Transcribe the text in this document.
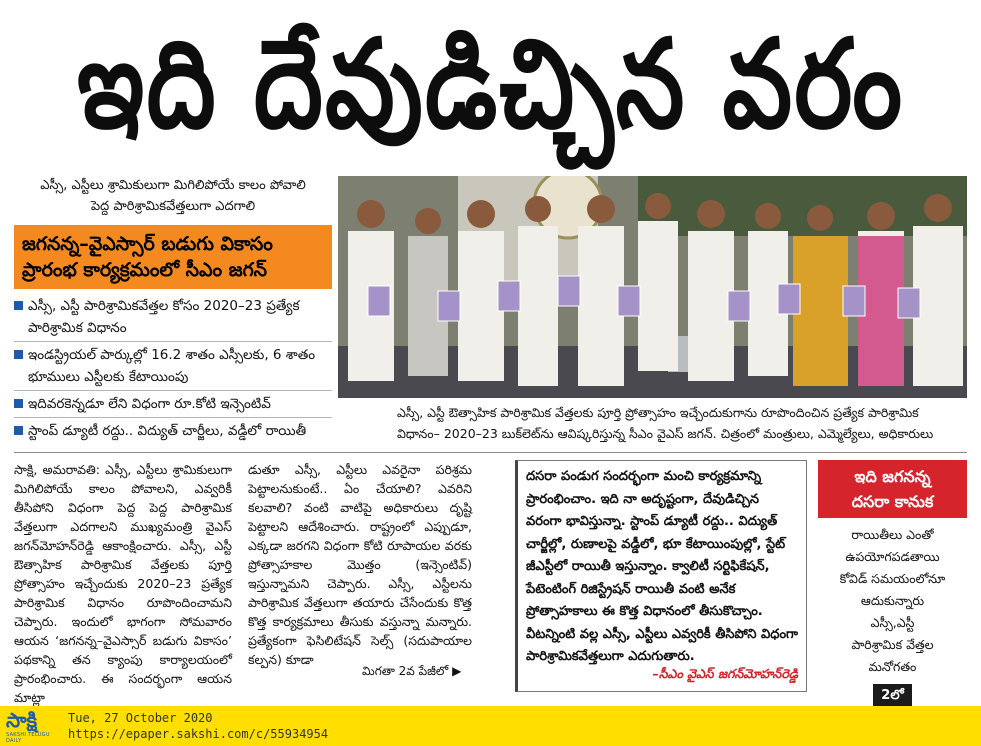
ఇది దేవుడిచ్చిన వరం
ఎస్సీ, ఎస్టీలు శ్రామికులుగా మిగిలిపోయే కాలం పోవాలి
పెద్ద పారిశ్రామికవేత్తలుగా ఎదగాలి
జగనన్న–వైఎస్సార్ బడుగు వికాసం
ప్రారంభ కార్యక్రమంలో సీఎం జగన్
ఎస్సీ, ఎస్టీ పారిశ్రామికవేత్తల కోసం 2020–23 ప్రత్యేక పారిశ్రామిక విధానం
ఇండస్ట్రియల్ పార్కుల్లో 16.2 శాతం ఎస్సీలకు, 6 శాతం భూములు ఎస్టీలకు కేటాయింపు
ఇదివరకెన్నడూ లేని విధంగా రూ.కోటి ఇన్సెంటివ్
స్టాంప్ డ్యూటీ రద్దు.. విద్యుత్ చార్జీలు, వడ్డీలో రాయితీ
ఎస్సీ, ఎస్టీ ఔత్సాహిక పారిశ్రామిక వేత్తలకు పూర్తి ప్రోత్సాహం ఇచ్చేందుకుగాను రూపొందించిన ప్రత్యేక పారిశ్రామిక విధానం– 2020–23 బుక్‌లెట్‌ను ఆవిష్కరిస్తున్న సీఎం వైఎస్ జగన్. చిత్రంలో మంత్రులు, ఎమ్మెల్యేలు, అధికారులు
సాక్షి, అమరావతి: ఎస్సీ, ఎస్టీలు శ్రామికులుగా మిగిలిపోయే కాలం పోవాలని, ఎవ్వరికీ తీసిపోని విధంగా పెద్ద పెద్ద పారిశ్రామిక వేత్తలుగా ఎదగాలని ముఖ్యమంత్రి వైఎస్ జగన్‌మోహన్‌రెడ్డి ఆకాంక్షించారు. ఎస్సీ, ఎస్టీ ఔత్సాహిక పారిశ్రామిక వేత్తలకు పూర్తి ప్రోత్సాహం ఇచ్చేందుకు 2020–23 ప్రత్యేక పారిశ్రామిక విధానం రూపొందించామని చెప్పారు. ఇందులో భాగంగా సోమవారం ఆయన ‘జగనన్న–వైఎస్సార్ బడుగు వికాసం’ పథకాన్ని తన క్యాంపు కార్యాలయంలో ప్రారంభించారు. ఈ సందర్భంగా ఆయన మాట్లా
డుతూ ఎస్సీ, ఎస్టీలు ఎవరైనా పరిశ్రమ పెట్టాలనుకుంటే.. ఏం చేయాలి? ఎవరిని కలవాలి? వంటి వాటిపై అధికారులు దృష్టి పెట్టాలని ఆదేశించారు. రాష్ట్రంలో ఎప్పుడూ, ఎక్కడా జరగని విధంగా కోటి రూపాయల వరకు ప్రోత్సాహకాల మొత్తం (ఇన్సెంటివ్) ఇస్తున్నామని చెప్పారు. ఎస్సీ, ఎస్టీలను పారిశ్రామిక వేత్తలుగా తయారు చేసేందుకు కొత్త కొత్త కార్యక్రమాలు తీసుకు వస్తున్నా మన్నారు. ప్రత్యేకంగా ఫెసిలిటేషన్ సెల్స్ (సదుపాయాల కల్పన) కూడా
మిగతా 2వ పేజీలో ▶

దసరా పండుగ సందర్భంగా మంచి కార్యక్రమాన్ని ప్రారంభించాం. ఇది నా అదృష్టంగా, దేవుడిచ్చిన వరంగా భావిస్తున్నా. స్టాంప్ డ్యూటీ రద్దు.. విద్యుత్ చార్జీల్లో, రుణాలపై వడ్డీలో, భూ కేటాయింపుల్లో, స్టేట్ జీఎస్టీలో రాయితీ ఇస్తున్నాం. క్వాలిటీ సర్టిఫికేషన్, పేటెంటింగ్ రిజిస్ట్రేషన్ రాయితీ వంటి అనేక ప్రోత్సాహకాలు ఈ కొత్త విధానంలో తీసుకొచ్చాం. వీటన్నింటి వల్ల ఎస్సీ, ఎస్టీలు ఎవ్వరికీ తీసిపోని విధంగా పారిశ్రామికవేత్తలుగా ఎదుగుతారు.

–సీఎం వైఎస్ జగన్‌మోహన్‌రెడ్డి
ఇది జగనన్న
దసరా కానుక
రాయితీలు ఎంతో
ఉపయోగపడతాయి
కోవిడ్ సమయంలోనూ
ఆదుకున్నారు
ఎస్సీ,ఎస్టీ
పారిశ్రామిక వేత్తల
మనోగతం
2లో
సాక్షి
SAKSHI TELUGU DAILY
Tue, 27 October 2020
https://epaper.sakshi.com/c/55934954
